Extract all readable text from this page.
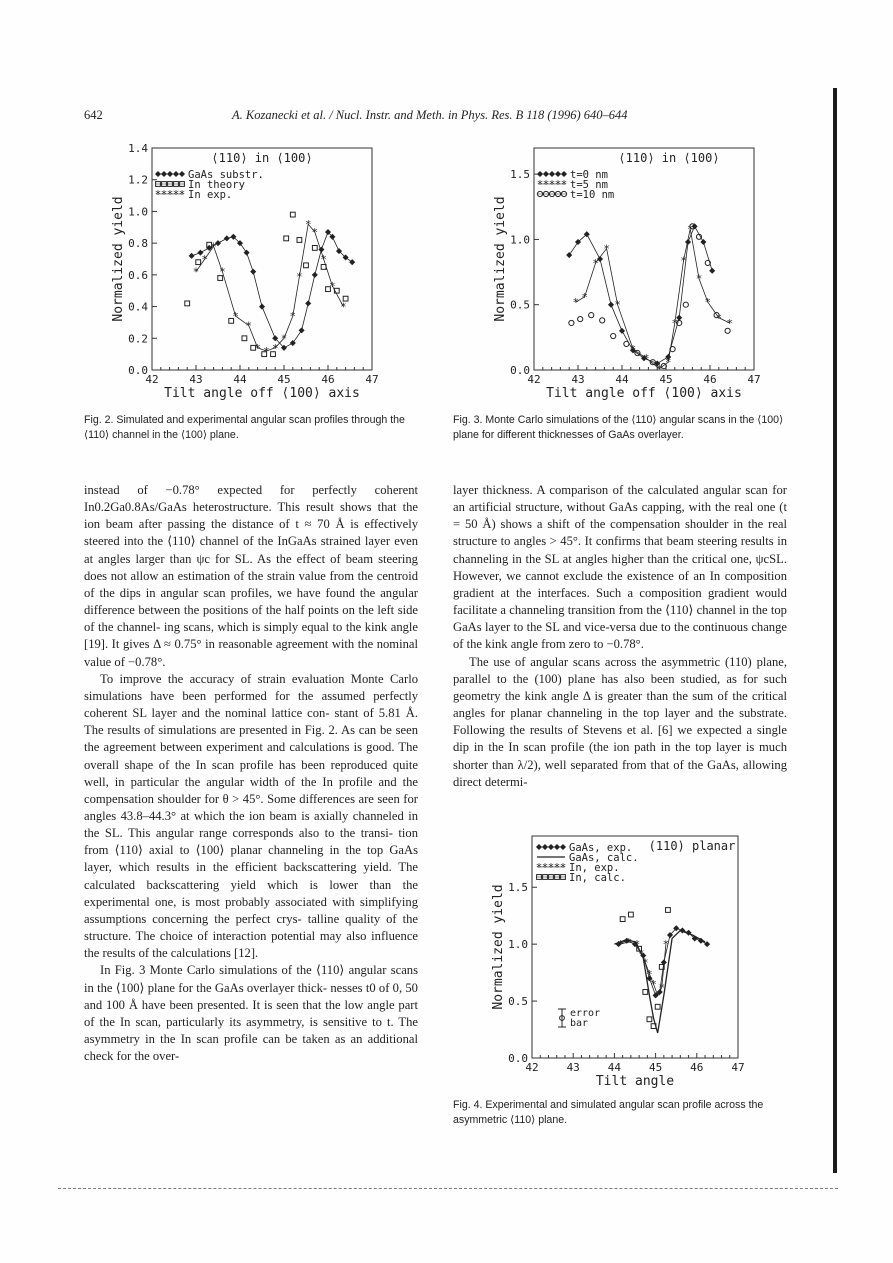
642	A. Kozanecki et al. / Nucl. Instr. and Meth. in Phys. Res. B 118 (1996) 640–644
42	43	44	45	46	47
0.0
0.2
0.4
0.6
0.8
1.0
1.2
1.4
Tilt angle off ⟨100⟩ axis
Normalized yield
⟨110⟩ in ⟨100⟩
GaAs substr.
In theory
*
*
*
*
*
*
* * *
*
*
*
*
*
*
*
*
* * * * * In exp.
Fig. 2. Simulated and experimental angular scan profiles through the ⟨110⟩ channel in the ⟨100⟩ plane.
42	43	44	45	46	47
0.0
0.5
1.0
1.5
Tilt angle off ⟨100⟩ axis
Normalized yield
⟨110⟩ in ⟨100⟩
t=0 nm
* *
*
*
*
*
*
*
*
*
*
*
*
*
* *
* * * * * t=5 nm
t=10 nm
Fig. 3. Monte Carlo simulations of the ⟨110⟩ angular scans in the ⟨100⟩ plane for different thicknesses of GaAs overlayer.
42	43	44	45	46	47
0.0
0.5
1.0
1.5
Tilt angle
Normalized yield
(110) planar
GaAs, exp.
GaAs, calc.
* * *
*
*
*
*
*
*
*
* * * * * In, exp.
In, calc.
error
bar
Fig. 4. Experimental and simulated angular scan profile across the asymmetric ⟨110⟩ plane.

instead of −0.78° expected for perfectly coherent In0.2Ga0.8As/GaAs heterostructure. This result shows that the ion beam after passing the distance of t ≈ 70 Å is effectively steered into the ⟨110⟩ channel of the InGaAs strained layer even at angles larger than ψc for SL. As the effect of beam steering does not allow an estimation of the strain value from the centroid of the dips in angular scan profiles, we have found the angular difference between the positions of the half points on the left side of the channel- ing scans, which is simply equal to the kink angle [19]. It gives Δ ≈ 0.75° in reasonable agreement with the nominal value of −0.78°.

To improve the accuracy of strain evaluation Monte Carlo simulations have been performed for the assumed perfectly coherent SL layer and the nominal lattice con- stant of 5.81 Å. The results of simulations are presented in Fig. 2. As can be seen the agreement between experiment and calculations is good. The overall shape of the In scan profile has been reproduced quite well, in particular the angular width of the In profile and the compensation shoulder for θ > 45°. Some differences are seen for angles 43.8–44.3° at which the ion beam is axially channeled in the SL. This angular range corresponds also to the transi- tion from ⟨110⟩ axial to ⟨100⟩ planar channeling in the top GaAs layer, which results in the efficient backscattering yield. The calculated backscattering yield which is lower than the experimental one, is most probably associated with simplifying assumptions concerning the perfect crys- talline quality of the structure. The choice of interaction potential may also influence the results of the calculations [12].

In Fig. 3 Monte Carlo simulations of the ⟨110⟩ angular scans in the ⟨100⟩ plane for the GaAs overlayer thick- nesses t0 of 0, 50 and 100 Å have been presented. It is seen that the low angle part of the In scan, particularly its asymmetry, is sensitive to t. The asymmetry in the In scan profile can be taken as an additional check for the over-

layer thickness. A comparison of the calculated angular scan for an artificial structure, without GaAs capping, with the real one (t = 50 Å) shows a shift of the compensation shoulder in the real structure to angles > 45°. It confirms that beam steering results in channeling in the SL at angles higher than the critical one, ψcSL. However, we cannot exclude the existence of an In composition gradient at the interfaces. Such a composition gradient would facilitate a channeling transition from the ⟨110⟩ channel in the top GaAs layer to the SL and vice-versa due to the continuous change of the kink angle from zero to −0.78°.

The use of angular scans across the asymmetric (110) plane, parallel to the (100) plane has also been studied, as for such geometry the kink angle Δ is greater than the sum of the critical angles for planar channeling in the top layer and the substrate. Following the results of Stevens et al. [6] we expected a single dip in the In scan profile (the ion path in the top layer is much shorter than λ/2), well separated from that of the GaAs, allowing direct determi-
